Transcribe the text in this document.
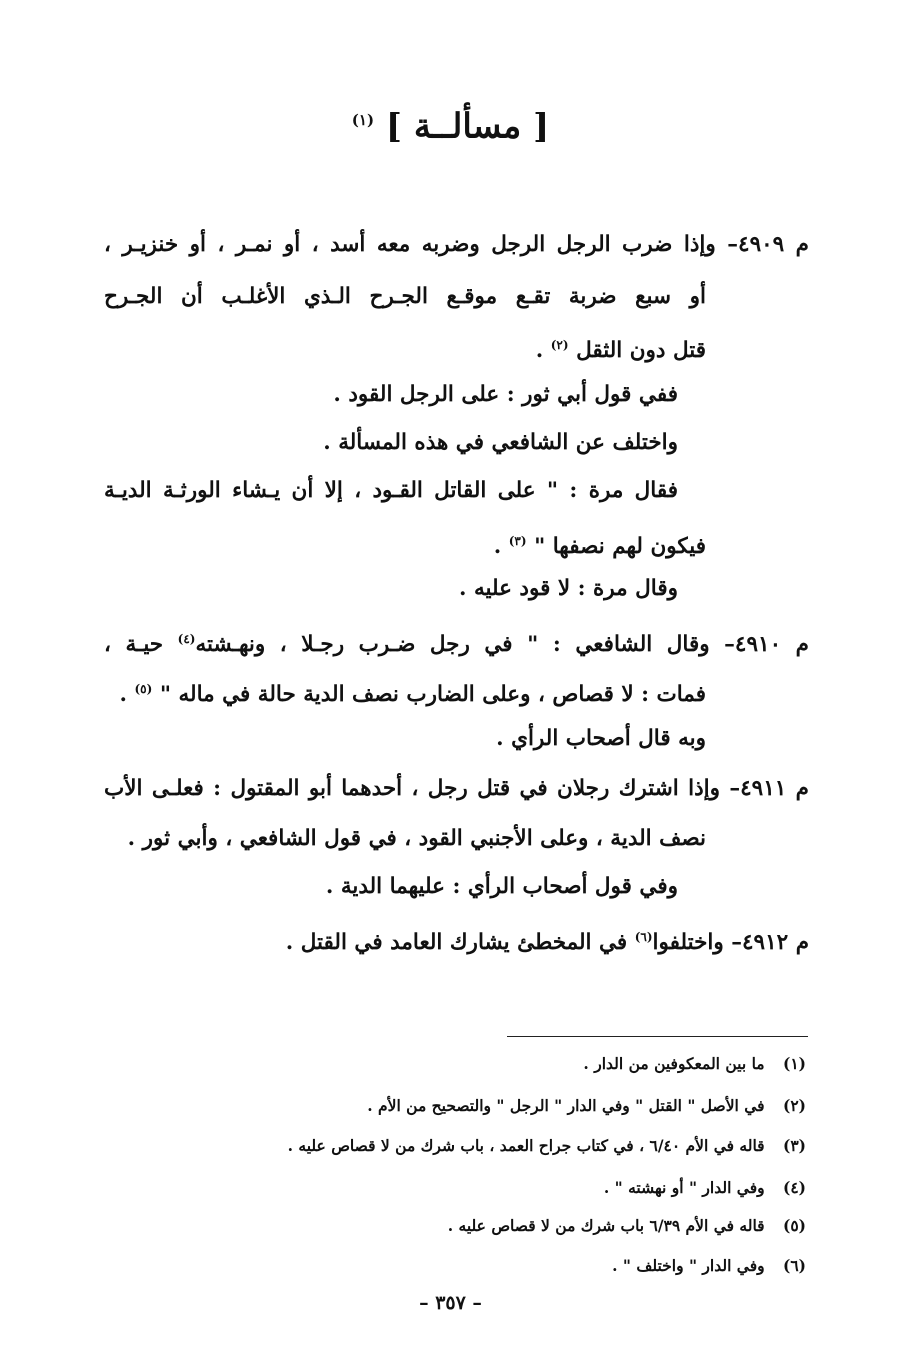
[ مسألــة ] $^{(١)}$
م ٤٩٠٩– وإذا ضرب الرجل الرجل وضربه معه أسد ، أو نمـر ، أو خنزيـر ،
أو سبع ضربة تقـع موقـع الجـرح الـذي الأغلـب أن الجـرح
قتل دون الثقل $^{(٢)}$ .
ففي قول أبي ثور : على الرجل القود .
واختلف عن الشافعي في هذه المسألة .
فقال مرة : " على القاتل القـود ، إلا أن يـشاء الورثـة الديـة
فيكون لهم نصفها " $^{(٣)}$ .
وقال مرة : لا قود عليه .
م ٤٩١٠– وقال الشافعي : " في رجل ضـرب رجـلا ، ونهـشته$^{(٤)}$ حيـة ،
فمات : لا قصاص ، وعلى الضارب نصف الدية حالة في ماله " $^{(٥)}$ .
وبه قال أصحاب الرأي .
م ٤٩١١– وإذا اشترك رجلان في قتل رجل ، أحدهما أبو المقتول : فعلـى الأب
نصف الدية ، وعلى الأجنبي القود ، في قول الشافعي ، وأبي ثور .
وفي قول أصحاب الرأي : عليهما الدية .
م ٤٩١٢– واختلفوا$^{(٦)}$ في المخطئ يشارك العامد في القتل .
(١) ما بين المعكوفين من الدار .
(٢) في الأصل " القتل " وفي الدار " الرجل " والتصحيح من الأم .
(٣) قاله في الأم ٦/٤٠ ، في كتاب جراح العمد ، باب شرك من لا قصاص عليه .
(٤) وفي الدار " أو نهشته " .
(٥) قاله في الأم ٦/٣٩ باب شرك من لا قصاص عليه .
(٦) وفي الدار " واختلف " .
– ٣٥٧ –
